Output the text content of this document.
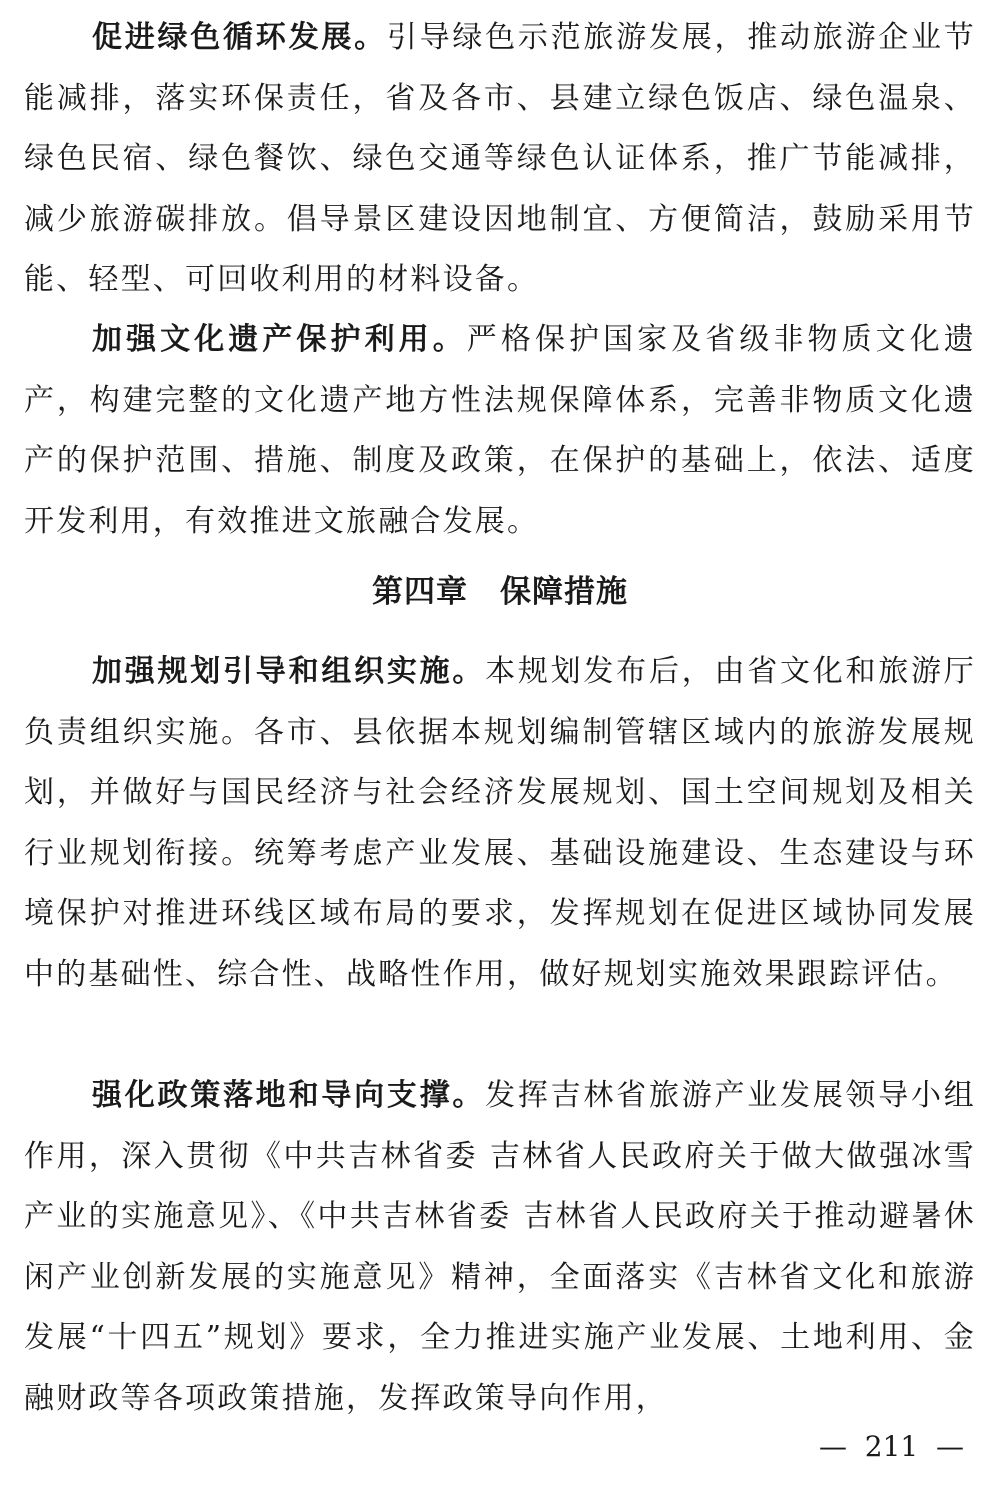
促进绿色循环发展。引导绿色示范旅游发展，推动旅游企业节能减排，落实环保责任，省及各市、县建立绿色饭店、绿色温泉、绿色民宿、绿色餐饮、绿色交通等绿色认证体系，推广节能减排，减少旅游碳排放。倡导景区建设因地制宜、方便简洁，鼓励采用节能、轻型、可回收利用的材料设备。

加强文化遗产保护利用。严格保护国家及省级非物质文化遗产，构建完整的文化遗产地方性法规保障体系，完善非物质文化遗产的保护范围、措施、制度及政策，在保护的基础上，依法、适度开发利用，有效推进文旅融合发展。

第四章　保障措施

加强规划引导和组织实施。本规划发布后，由省文化和旅游厅负责组织实施。各市、县依据本规划编制管辖区域内的旅游发展规划，并做好与国民经济与社会经济发展规划、国土空间规划及相关行业规划衔接。统筹考虑产业发展、基础设施建设、生态建设与环境保护对推进环线区域布局的要求，发挥规划在促进区域协同发展中的基础性、综合性、战略性作用，做好规划实施效果跟踪评估。

强化政策落地和导向支撑。发挥吉林省旅游产业发展领导小组作用，深入贯彻《中共吉林省委 吉林省人民政府关于做大做强冰雪产业的实施意见》、《中共吉林省委 吉林省人民政府关于推动避暑休闲产业创新发展的实施意见》精神，全面落实《吉林省文化和旅游发展“十四五”规划》要求，全力推进实施产业发展、土地利用、金融财政等各项政策措施，发挥政策导向作用，

—  211  —
